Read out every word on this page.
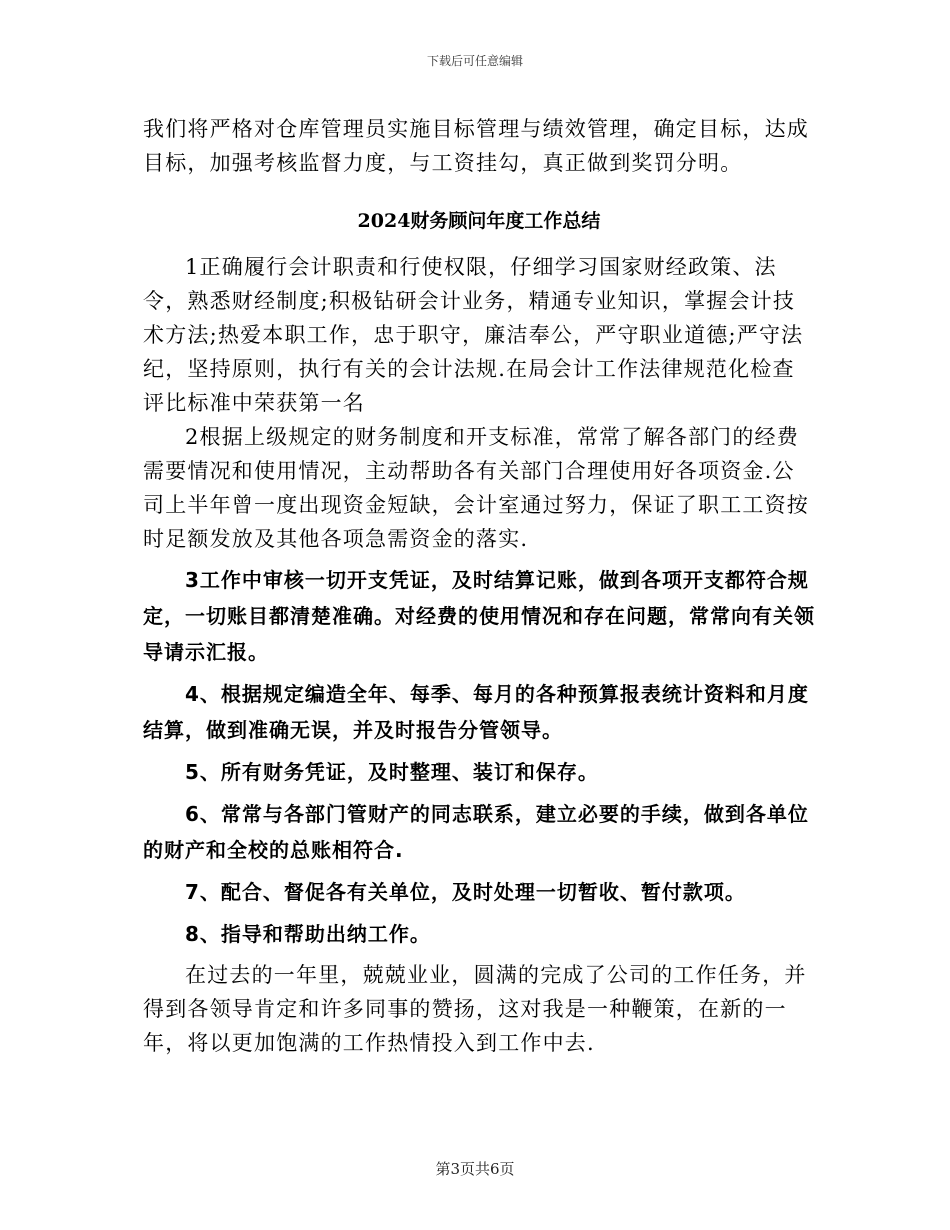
下载后可任意编辑

我们将严格对仓库管理员实施目标管理与绩效管理，确定目标，达成目标，加强考核监督力度，与工资挂勾，真正做到奖罚分明。

2024财务顾问年度工作总结

1正确履行会计职责和行使权限，仔细学习国家财经政策、法令，熟悉财经制度;积极钻研会计业务，精通专业知识，掌握会计技术方法;热爱本职工作，忠于职守，廉洁奉公，严守职业道德;严守法纪，坚持原则，执行有关的会计法规.在局会计工作法律规范化检查评比标准中荣获第一名

2根据上级规定的财务制度和开支标准，常常了解各部门的经费需要情况和使用情况，主动帮助各有关部门合理使用好各项资金.公司上半年曾一度出现资金短缺，会计室通过努力，保证了职工工资按时足额发放及其他各项急需资金的落实.

3工作中审核一切开支凭证，及时结算记账，做到各项开支都符合规定，一切账目都清楚准确。对经费的使用情况和存在问题，常常向有关领导请示汇报。

4、根据规定编造全年、每季、每月的各种预算报表统计资料和月度结算，做到准确无误，并及时报告分管领导。

5、所有财务凭证，及时整理、装订和保存。

6、常常与各部门管财产的同志联系，建立必要的手续，做到各单位的财产和全校的总账相符合.

7、配合、督促各有关单位，及时处理一切暂收、暂付款项。

8、指导和帮助出纳工作。

在过去的一年里，兢兢业业，圆满的完成了公司的工作任务，并得到各领导肯定和许多同事的赞扬，这对我是一种鞭策，在新的一年，将以更加饱满的工作热情投入到工作中去.

第3页共6页
